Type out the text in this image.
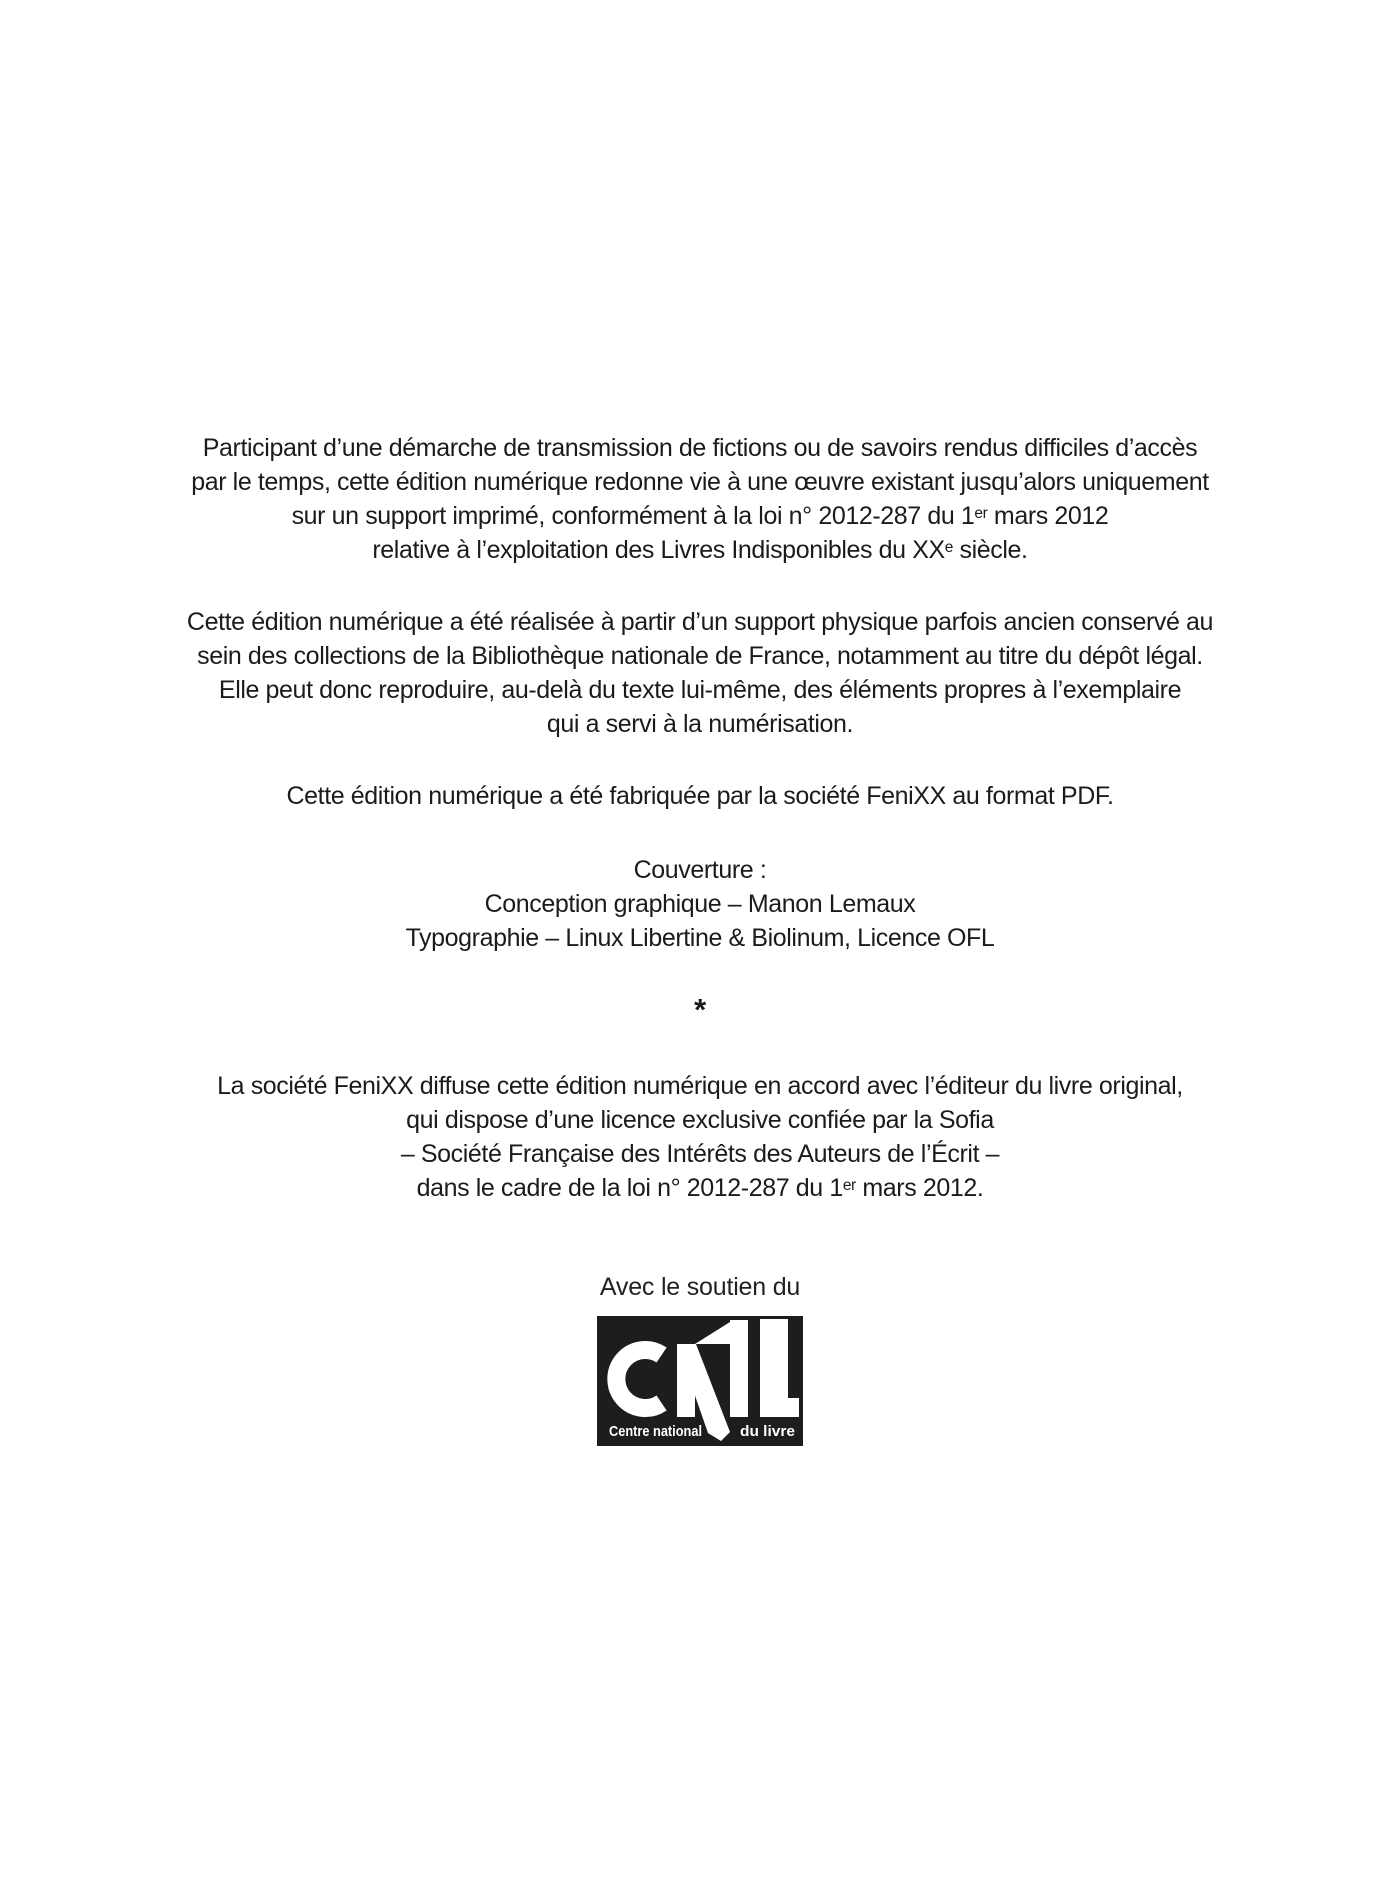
Participant d’une démarche de transmission de fictions ou de savoirs rendus difficiles d’accès
par le temps, cette édition numérique redonne vie à une œuvre existant jusqu’alors uniquement
sur un support imprimé, conformément à la loi n° 2012-287 du 1er mars 2012
relative à l’exploitation des Livres Indisponibles du XXe siècle.

Cette édition numérique a été réalisée à partir d’un support physique parfois ancien conservé au
sein des collections de la Bibliothèque nationale de France, notamment au titre du dépôt légal.
Elle peut donc reproduire, au-delà du texte lui-même, des éléments propres à l’exemplaire
qui a servi à la numérisation.

Cette édition numérique a été fabriquée par la société FeniXX au format PDF.

Couverture :
Conception graphique – Manon Lemaux
Typographie – Linux Libertine & Biolinum, Licence OFL

*

La société FeniXX diffuse cette édition numérique en accord avec l’éditeur du livre original,
qui dispose d’une licence exclusive confiée par la Sofia
– Société Française des Intérêts des Auteurs de l’Écrit –
dans le cadre de la loi n° 2012-287 du 1er mars 2012.

Avec le soutien du
Centre national	du livre
